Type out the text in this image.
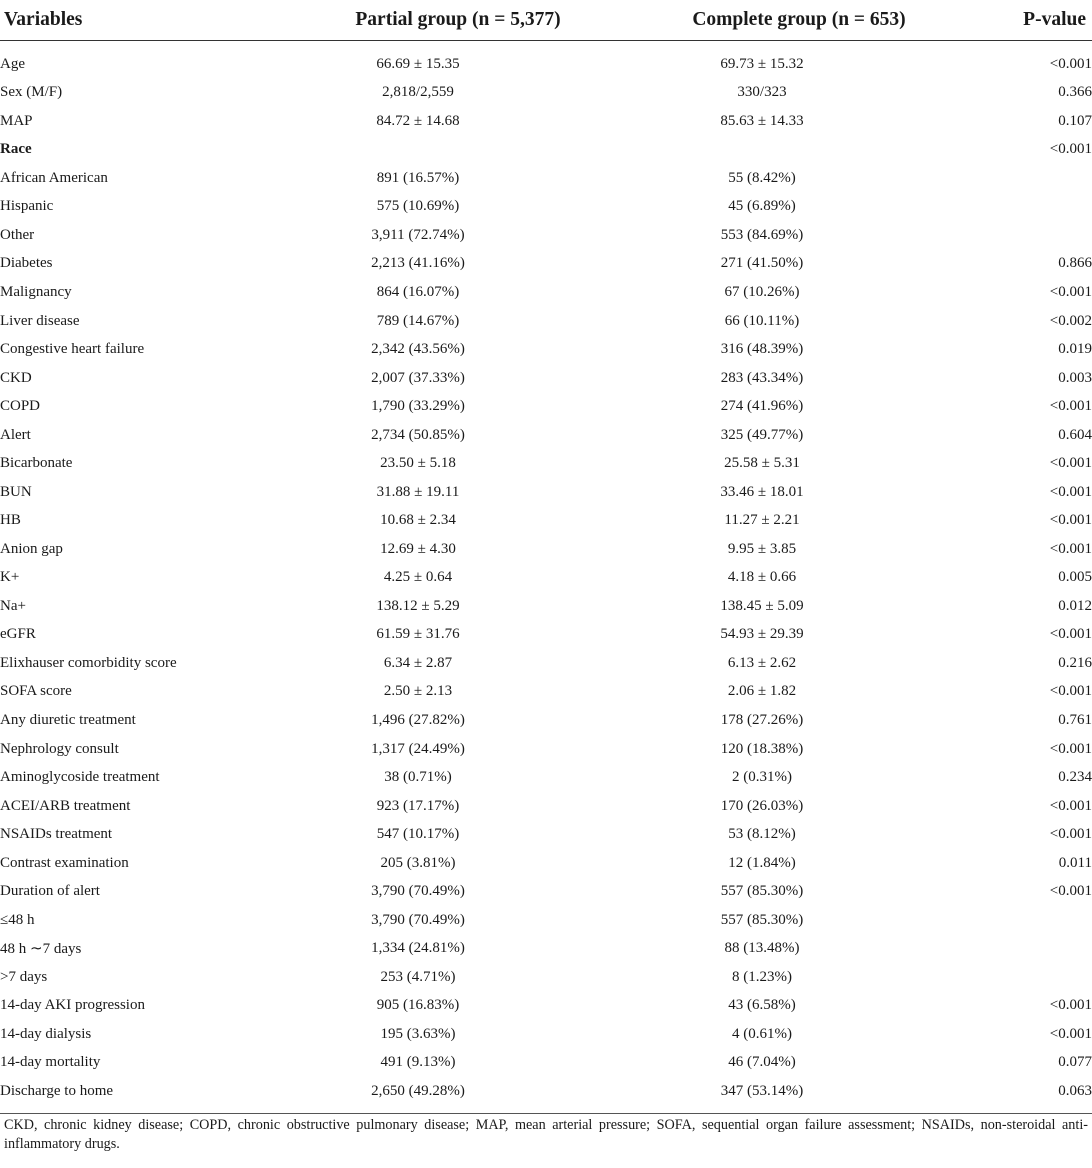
Variables	Partial group (n = 5,377)	Complete group (n = 653)	P-value

Age	66.69 ± 15.35	69.73 ± 15.32	<0.001
Sex (M/F)	2,818/2,559	330/323	0.366
MAP	84.72 ± 14.68	85.63 ± 14.33	0.107
Race			<0.001
African American	891 (16.57%)	55 (8.42%)	
Hispanic	575 (10.69%)	45 (6.89%)	
Other	3,911 (72.74%)	553 (84.69%)	
Diabetes	2,213 (41.16%)	271 (41.50%)	0.866
Malignancy	864 (16.07%)	67 (10.26%)	<0.001
Liver disease	789 (14.67%)	66 (10.11%)	<0.002
Congestive heart failure	2,342 (43.56%)	316 (48.39%)	0.019
CKD	2,007 (37.33%)	283 (43.34%)	0.003
COPD	1,790 (33.29%)	274 (41.96%)	<0.001
Alert	2,734 (50.85%)	325 (49.77%)	0.604
Bicarbonate	23.50 ± 5.18	25.58 ± 5.31	<0.001
BUN	31.88 ± 19.11	33.46 ± 18.01	<0.001
HB	10.68 ± 2.34	11.27 ± 2.21	<0.001
Anion gap	12.69 ± 4.30	9.95 ± 3.85	<0.001
K+	4.25 ± 0.64	4.18 ± 0.66	0.005
Na+	138.12 ± 5.29	138.45 ± 5.09	0.012
eGFR	61.59 ± 31.76	54.93 ± 29.39	<0.001
Elixhauser comorbidity score	6.34 ± 2.87	6.13 ± 2.62	0.216
SOFA score	2.50 ± 2.13	2.06 ± 1.82	<0.001
Any diuretic treatment	1,496 (27.82%)	178 (27.26%)	0.761
Nephrology consult	1,317 (24.49%)	120 (18.38%)	<0.001
Aminoglycoside treatment	38 (0.71%)	2 (0.31%)	0.234
ACEI/ARB treatment	923 (17.17%)	170 (26.03%)	<0.001
NSAIDs treatment	547 (10.17%)	53 (8.12%)	<0.001
Contrast examination	205 (3.81%)	12 (1.84%)	0.011
Duration of alert	3,790 (70.49%)	557 (85.30%)	<0.001
≤48 h	3,790 (70.49%)	557 (85.30%)	
48 h ∼7 days	1,334 (24.81%)	88 (13.48%)	
>7 days	253 (4.71%)	8 (1.23%)	
14-day AKI progression	905 (16.83%)	43 (6.58%)	<0.001
14-day dialysis	195 (3.63%)	4 (0.61%)	<0.001
14-day mortality	491 (9.13%)	46 (7.04%)	0.077
Discharge to home	2,650 (49.28%)	347 (53.14%)	0.063

CKD, chronic kidney disease; COPD, chronic obstructive pulmonary disease; MAP, mean arterial pressure; SOFA, sequential organ failure assessment; NSAIDs, non-steroidal anti-inflammatory drugs.
